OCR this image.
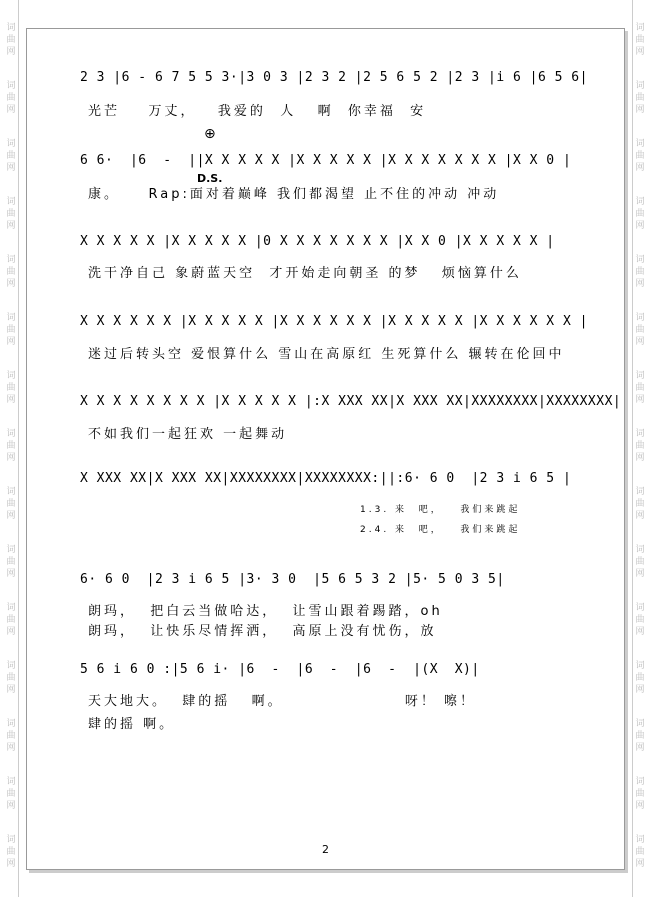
词
曲
网
词
曲
网
词
曲
网
词
曲
网
词
曲
网
词
曲
网
词
曲
网
词
曲
网
词
曲
网
词
曲
网
词
曲
网
词
曲
网
词
曲
网
词
曲
网
词
曲
网
词
曲
网
词
曲
网
词
曲
网
词
曲
网
词
曲
网
词
曲
网
词
曲
网
词
曲
网
词
曲
网
词
曲
网
词
曲
网
词
曲
网
词
曲
网
词
曲
网
词
曲
网
D.S.
⊕
2 3 |6 - 6 7 5 5 3·|3 0 3 |2 3 2 |2 5 6 5 2 |2 3 |i 6 |6 5 6|
光芒    万丈，   我爱的  人   啊  你幸福  安
6 6·  |6  -  ||X X X X X |X X X X X |X X X X X X X |X X 0 |
康。    Rap:面对着巅峰 我们都渴望 止不住的冲动 冲动
X X X X X |X X X X X |0 X X X X X X X |X X 0 |X X X X X |
洗干净自己 象蔚蓝天空  才开始走向朝圣 的梦   烦恼算什么
X X X X X X |X X X X X |X X X X X X |X X X X X |X X X X X X |
迷过后转头空 爱恨算什么 雪山在高原红 生死算什么 辗转在伦回中
X X X X X X X X |X X X X X |:X XXX XX|X XXX XX|XXXXXXXX|XXXXXXXX|
不如我们一起狂欢 一起舞动
X XXX XX|X XXX XX|XXXXXXXX|XXXXXXXX:||:6· 6 0  |2 3 i 6 5 |
1.3. 来  吧，   我们来跳起
2.4. 来  吧，   我们来跳起
6· 6 0  |2 3 i 6 5 |3· 3 0  |5 6 5 3 2 |5· 5 0 3 5|
朗玛，  把白云当做哈达，  让雪山跟着踢踏，oh
朗玛，  让快乐尽情挥洒，  高原上没有忧伤，放
5 6 i 6 0 :|5 6 i· |6  -  |6  -  |6  -  |(X  X)|
天大地大。  肆的摇   啊。                 呀！ 嚓！
肆的摇 啊。
2
